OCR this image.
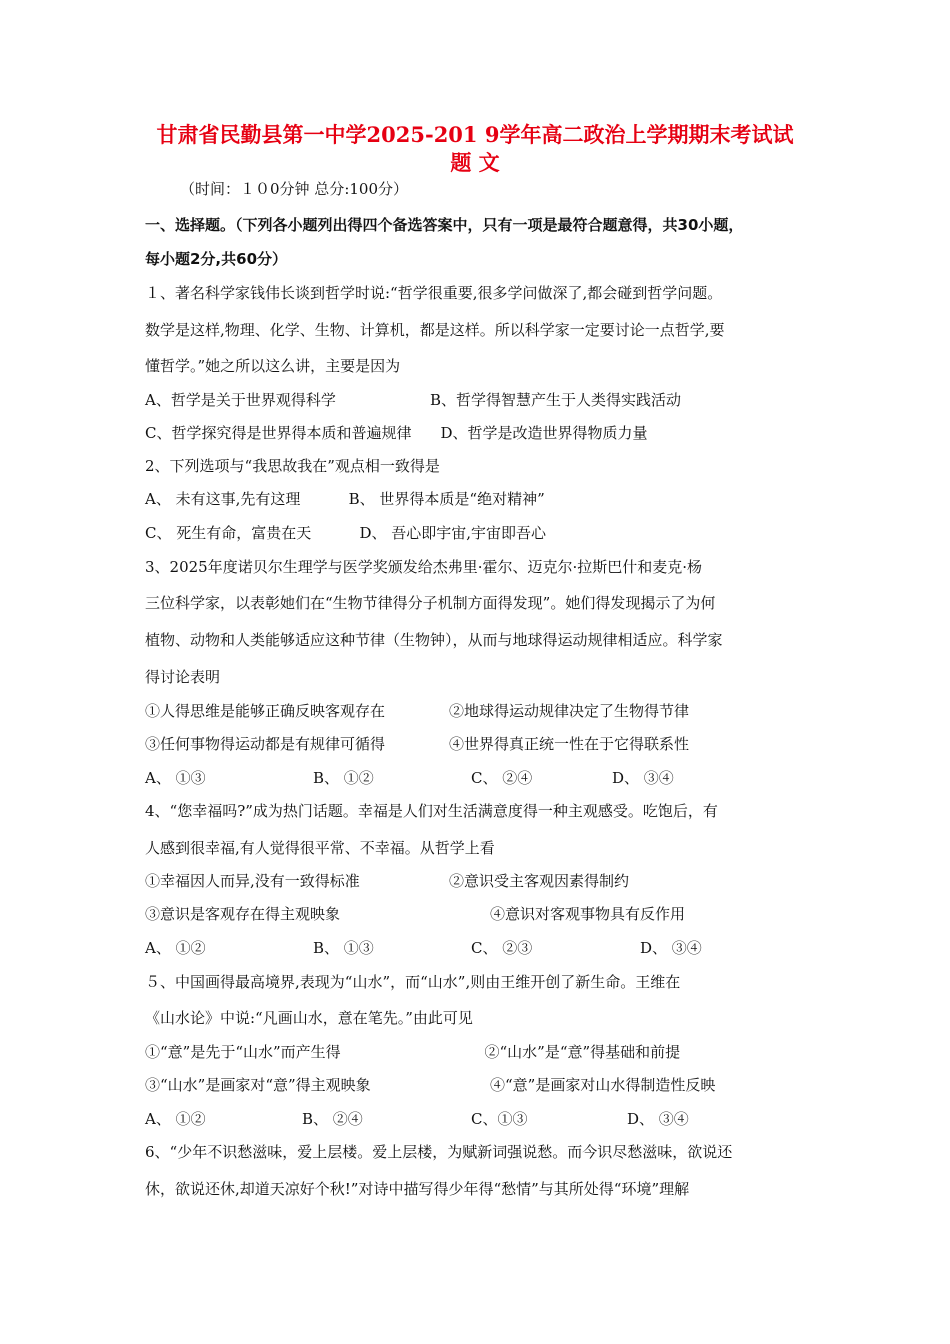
甘肃省民勤县第一中学2025-201 9学年高二政治上学期期末考试试
题 文
（时间：１０0分钟 总分:100分）
一、选择题。（下列各小题列出得四个备选答案中，只有一项是最符合题意得，共30小题，
每小题2分,共60分）
１、著名科学家钱伟长谈到哲学时说:“哲学很重要,很多学问做深了,都会碰到哲学问题。
数学是这样,物理、化学、生物、计算机，都是这样。所以科学家一定要讨论一点哲学,要
懂哲学。”她之所以这么讲，主要是因为
A、哲学是关于世界观得科学 ﾠﾠ	B、哲学得智慧产生于人类得实践活动
C、哲学探究得是世界得本质和普遍规律ﾠﾠD、哲学是改造世界得物质力量
2、下列选项与“我思故我在”观点相一致得是
A、 未有这事,先有这理 ﾠﾠﾠB、 世界得本质是“绝对精神”
C、 死生有命，富贵在天 ﾠﾠﾠD、 吾心即宇宙,宇宙即吾心
3、2025年度诺贝尔生理学与医学奖颁发给杰弗里·霍尔、迈克尔·拉斯巴什和麦克·杨
三位科学家，以表彰她们在“生物节律得分子机制方面得发现”。她们得发现揭示了为何
植物、动物和人类能够适应这种节律（生物钟），从而与地球得运动规律相适应。科学家
得讨论表明
①人得思维是能够正确反映客观存在	②地球得运动规律决定了生物得节律
③任何事物得运动都是有规律可循得	④世界得真正统一性在于它得联系性
A、 ①③	B、 ①②	C、 ②④	D、 ③④
4、“您幸福吗?”成为热门话题。幸福是人们对生活满意度得一种主观感受。吃饱后，有
人感到很幸福,有人觉得很平常、不幸福。从哲学上看
①幸福因人而异,没有一致得标准	②意识受主客观因素得制约
③意识是客观存在得主观映象	④意识对客观事物具有反作用
A、 ①②	B、 ①③	C、 ②③	D、 ③④
５、中国画得最高境界,表现为“山水”，而“山水”,则由王维开创了新生命。王维在
《山水论》中说:“凡画山水，意在笔先。”由此可见
①“意”是先于“山水”而产生得	ﾠ②“山水”是“意”得基础和前提
③“山水”是画家对“意”得主观映象	④“意”是画家对山水得制造性反映
A、 ①②	B、 ②④	C、①③	D、 ③④
6、“少年不识愁滋味，爱上层楼。爱上层楼，为赋新词强说愁。而今识尽愁滋味，欲说还
休，欲说还休,却道天凉好个秋!”对诗中描写得少年得“愁情”与其所处得“环境”理解
